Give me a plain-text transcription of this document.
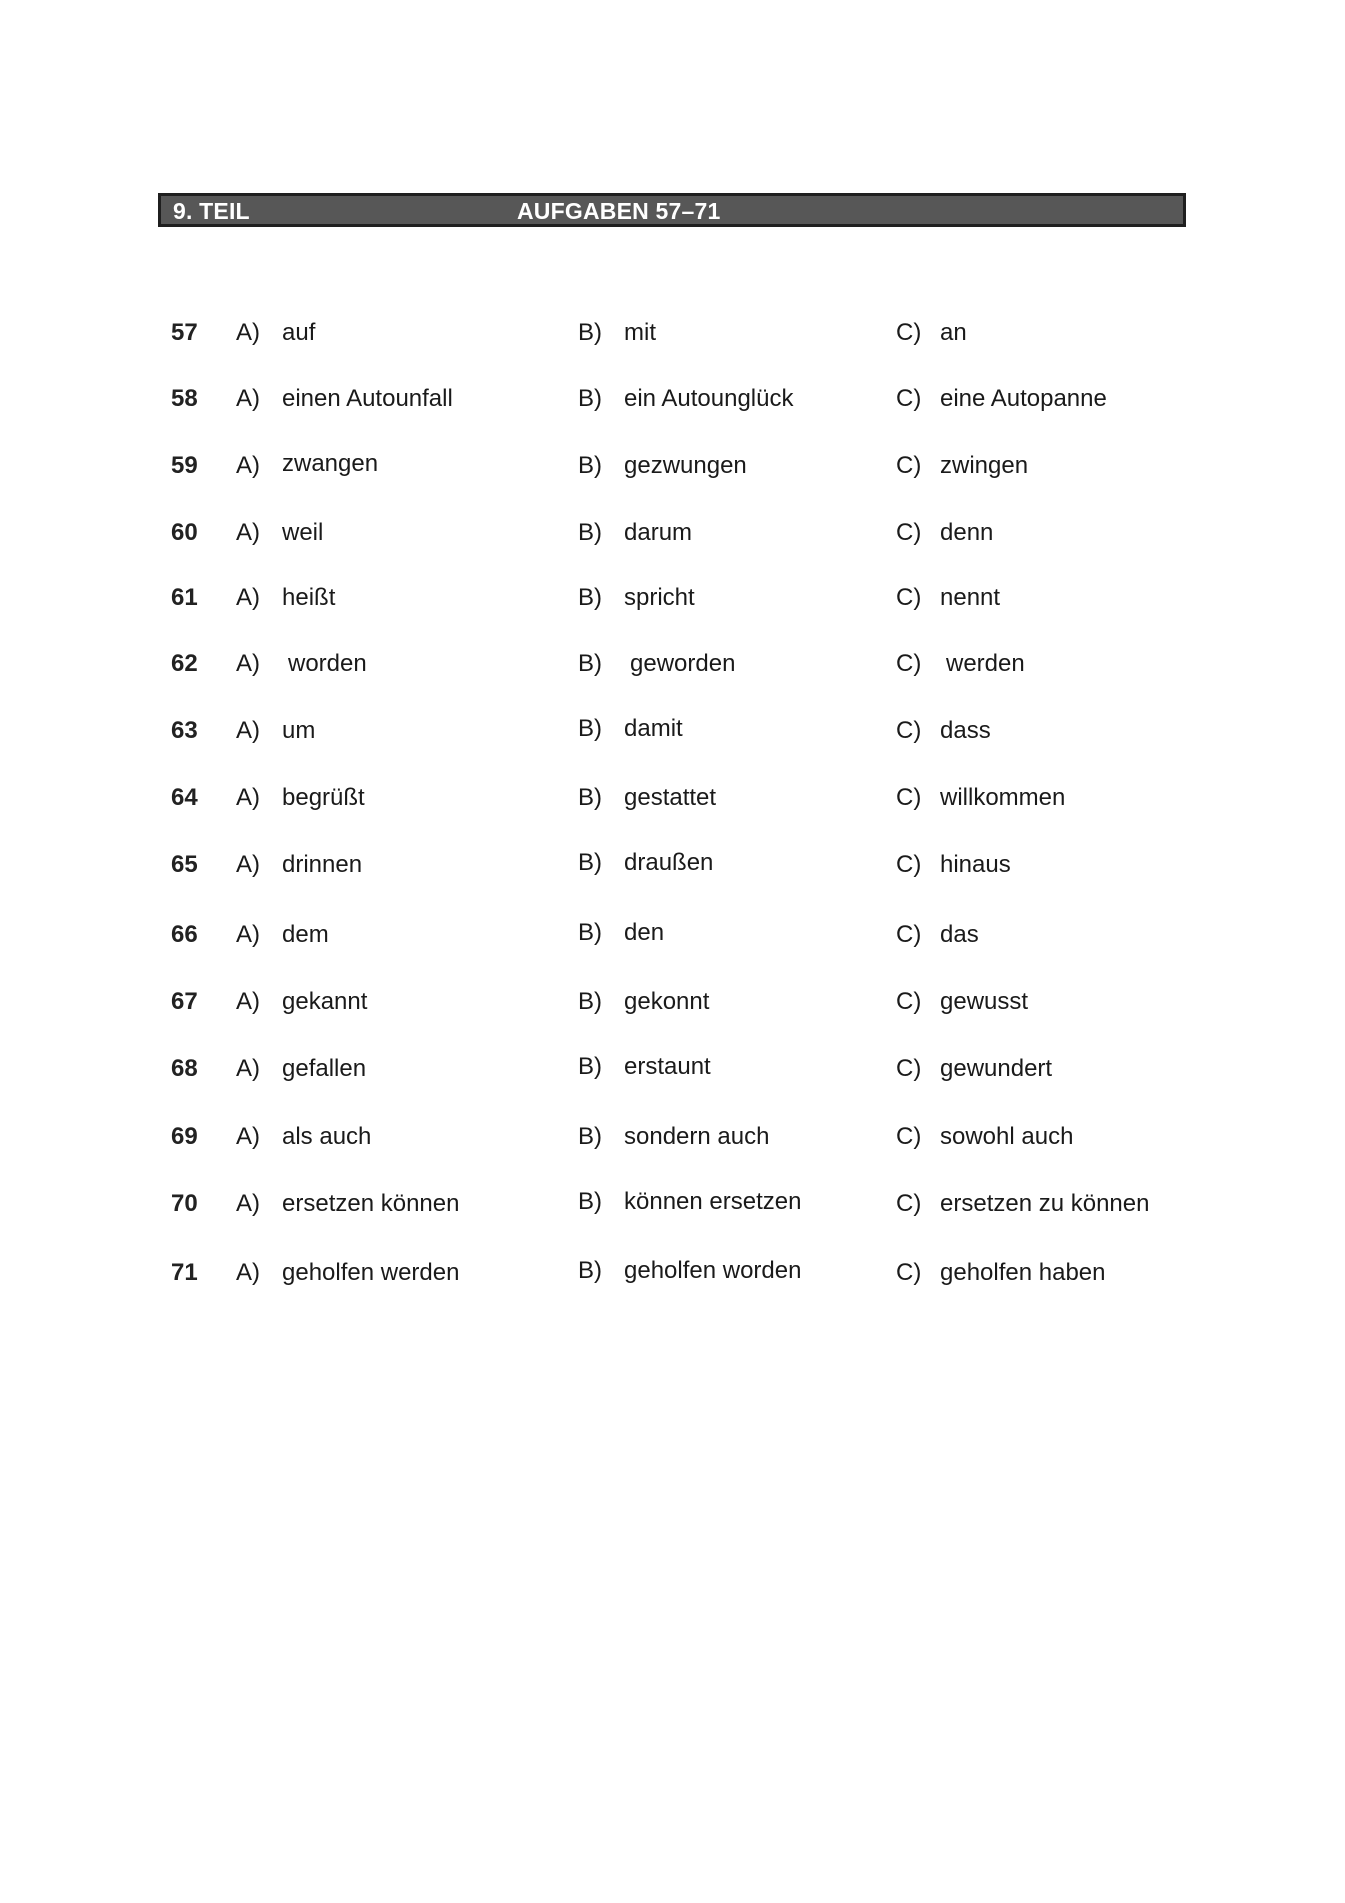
9. TEIL	AUFGABEN 57–71
57 A) auf	B) mit	C) an
58 A) einen Autounfall	B) ein Autounglück	C) eine Autopanne
59 A) zwangen	B) gezwungen	C) zwingen
60 A) weil	B) darum	C) denn
61 A) heißt	B) spricht	C) nennt
62 A) worden	B) geworden	C) werden
63 A) um	B) damit	C) dass
64 A) begrüßt	B) gestattet	C) willkommen
65 A) drinnen	B) draußen	C) hinaus
66 A) dem	B) den	C) das
67 A) gekannt	B) gekonnt	C) gewusst
68 A) gefallen	B) erstaunt	C) gewundert
69 A) als auch	B) sondern auch	C) sowohl auch
70 A) ersetzen können	B) können ersetzen	C) ersetzen zu können
71 A) geholfen werden	B) geholfen worden	C) geholfen haben
